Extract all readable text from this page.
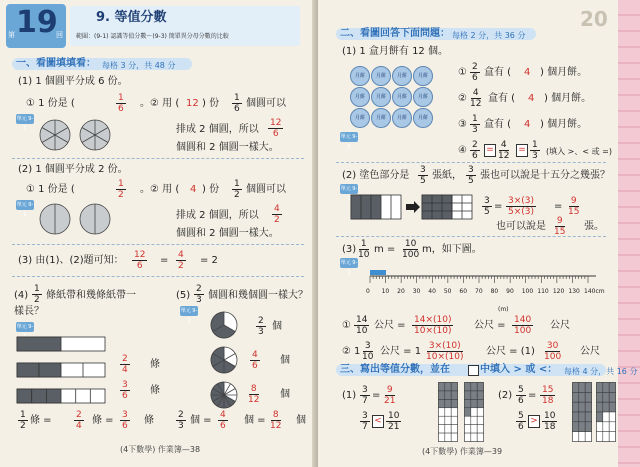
19
第	回
9. 等值分數
範圍：(9-1) 認識等值分數～(9-3) 簡單異分母分數的比較
一、看圖填填看： 每格 3 分，共 48 分
(1) 1 個圓平分成 6 份。
① 1 份是 (	$\frac{1}{6}$ 。② 用 ( 12 ) 份 $\frac{1}{6}$ 個圓可以
單元 9-1	排成 2 個圓，所以 $\frac{12}{6}$
個圓和 2 個圓一樣大。
(2) 1 個圓平分成 2 份。
① 1 份是 (	$\frac{1}{2}$ 。② 用 ( 4 ) 份 $\frac{1}{2}$ 個圓可以
單元 9-1	排成 2 個圓，所以 $\frac{4}{2}$
個圓和 2 個圓一樣大。
(3) 由(1)、(2)題可知： $\frac{12}{6} = \frac{4}{2} = 2$
$(4) \frac{1}{2}$ 條紙帶和幾條紙帶一
樣長？
單元 9-
$\frac{2}{4}$ 條
$\frac{3}{6}$ 條
$\frac{1}{2}$ 條 = $\frac{2}{4}$ 條 = $\frac{3}{6}$ 條
$(5) \frac{2}{3}$ 個圓和幾個圓一樣大？
單元 9-1	$\frac{2}{3}$ 個
$\frac{4}{6}$ 個
$\frac{8}{12}$ 個
$\frac{2}{3}$ 個 = $\frac{4}{6}$ 個 = $\frac{8}{12}$ 個
(4下數學) 作業簿—38
20
二、看圖回答下面問題： 每格 2 分，共 36 分
(1) 1 盒月餅有 12 個。
月餅	月餅	月餅	月餅
月餅	月餅	月餅	月餅
月餅	月餅	月餅	月餅
單元 9-1
① $\frac{2}{6}$ 盒有 ( 4 ) 個月餅。
② $\frac{4}{12}$ 盒有 ( 4 ) 個月餅。
③ $\frac{1}{3}$ 盒有 ( 4 ) 個月餅。
④ $\frac{2}{6} = \frac{4}{12} = \frac{1}{3}$ (填入 >、< 或 =)
(2) 塗色部分是 $\frac{3}{5}$ 張紙， $\frac{3}{5}$ 張也可以說是十五分之幾張？
單元 9-1	$\frac{3}{5} = \frac{3\times(3)}{5\times(3)} = \frac{9}{15}$
也可以說是 $\frac{9}{15}$ 張。
$(3) \frac{1}{10}$ $m = \frac{10}{100}$ m，如下圖。
單元 9-1
0 10 20 30 40 50 60 70 80 90 100 110 120 130 140cm
(m)
① $\frac{14}{10}$ 公尺 = $\frac{14\times(10)}{10\times(10)}$ 公尺 = $\frac{140}{100}$ 公尺
② $1 \frac{3}{10}$ 公尺 = $1 \frac{3\times(10)}{10\times(10)}$ 公尺 = $(1) \frac{30}{100}$ 公尺
三、寫出等值分數，並在	中填入 > 或 <： 每格 4 分，共 16 分
$(1) \frac{3}{7} = \frac{9}{21}$
$\frac{3}{7} < \frac{10}{21}$
$(2) \frac{5}{6} = \frac{15}{18}$
$\frac{5}{6} > \frac{10}{18}$
(4下數學) 作業簿—39
